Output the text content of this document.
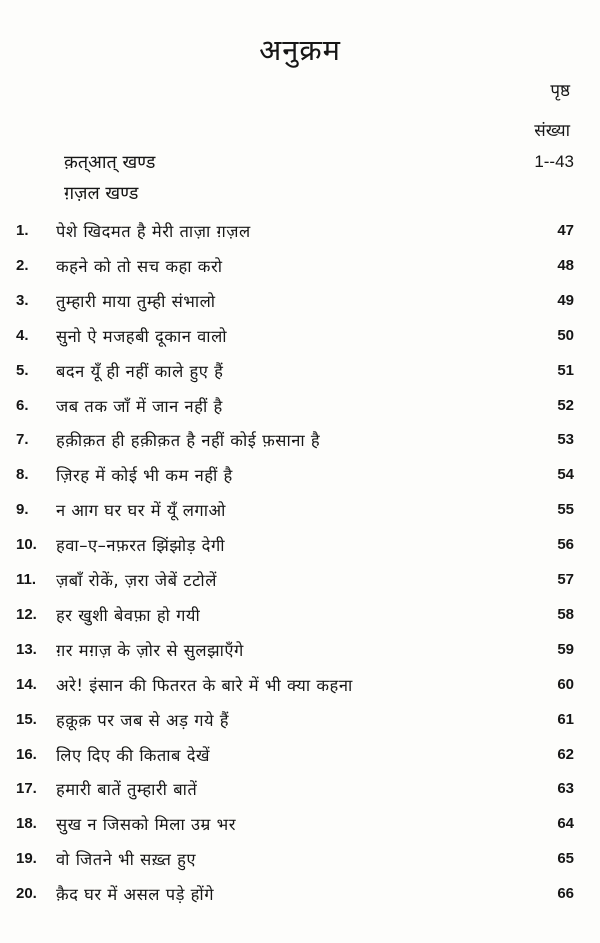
अनुक्रम
पृष्ठ
संख्या
क़त्आत् खण्ड	1--43
ग़ज़ल खण्ड
1.	पेशे खिदमत है मेरी ताज़ा ग़ज़ल	47
2.	कहने को तो सच कहा करो	48
3.	तुम्हारी माया तुम्ही संभालो	49
4.	सुनो ऐ मजहबी दूकान वालो	50
5.	बदन यूँ ही नहीं काले हुए हैं	51
6.	जब तक जाँ में जान नहीं है	52
7.	हक़ीक़त ही हक़ीक़त है नहीं कोई फ़साना है	53
8.	ज़िरह में कोई भी कम नहीं है	54
9.	न आग घर घर में यूँ लगाओ	55
10.	हवा–ए–नफ़रत झिंझोड़ देगी	56
11.	ज़बाँ रोकें, ज़रा जेबें टटोलें	57
12.	हर खुशी बेवफ़ा हो गयी	58
13.	ग़र मग़ज़ के ज़ोर से सुलझाएँगे	59
14.	अरे! इंसान की फितरत के बारे में भी क्या कहना	60
15.	हक़ूक़ पर जब से अड़ गये हैं	61
16.	लिए दिए की किताब देखें	62
17.	हमारी बातें तुम्हारी बातें	63
18.	सुख न जिसको मिला उम्र भर	64
19.	वो जितने भी सख़्त हुए	65
20.	क़ैद घर में असल पड़े होंगे	66
